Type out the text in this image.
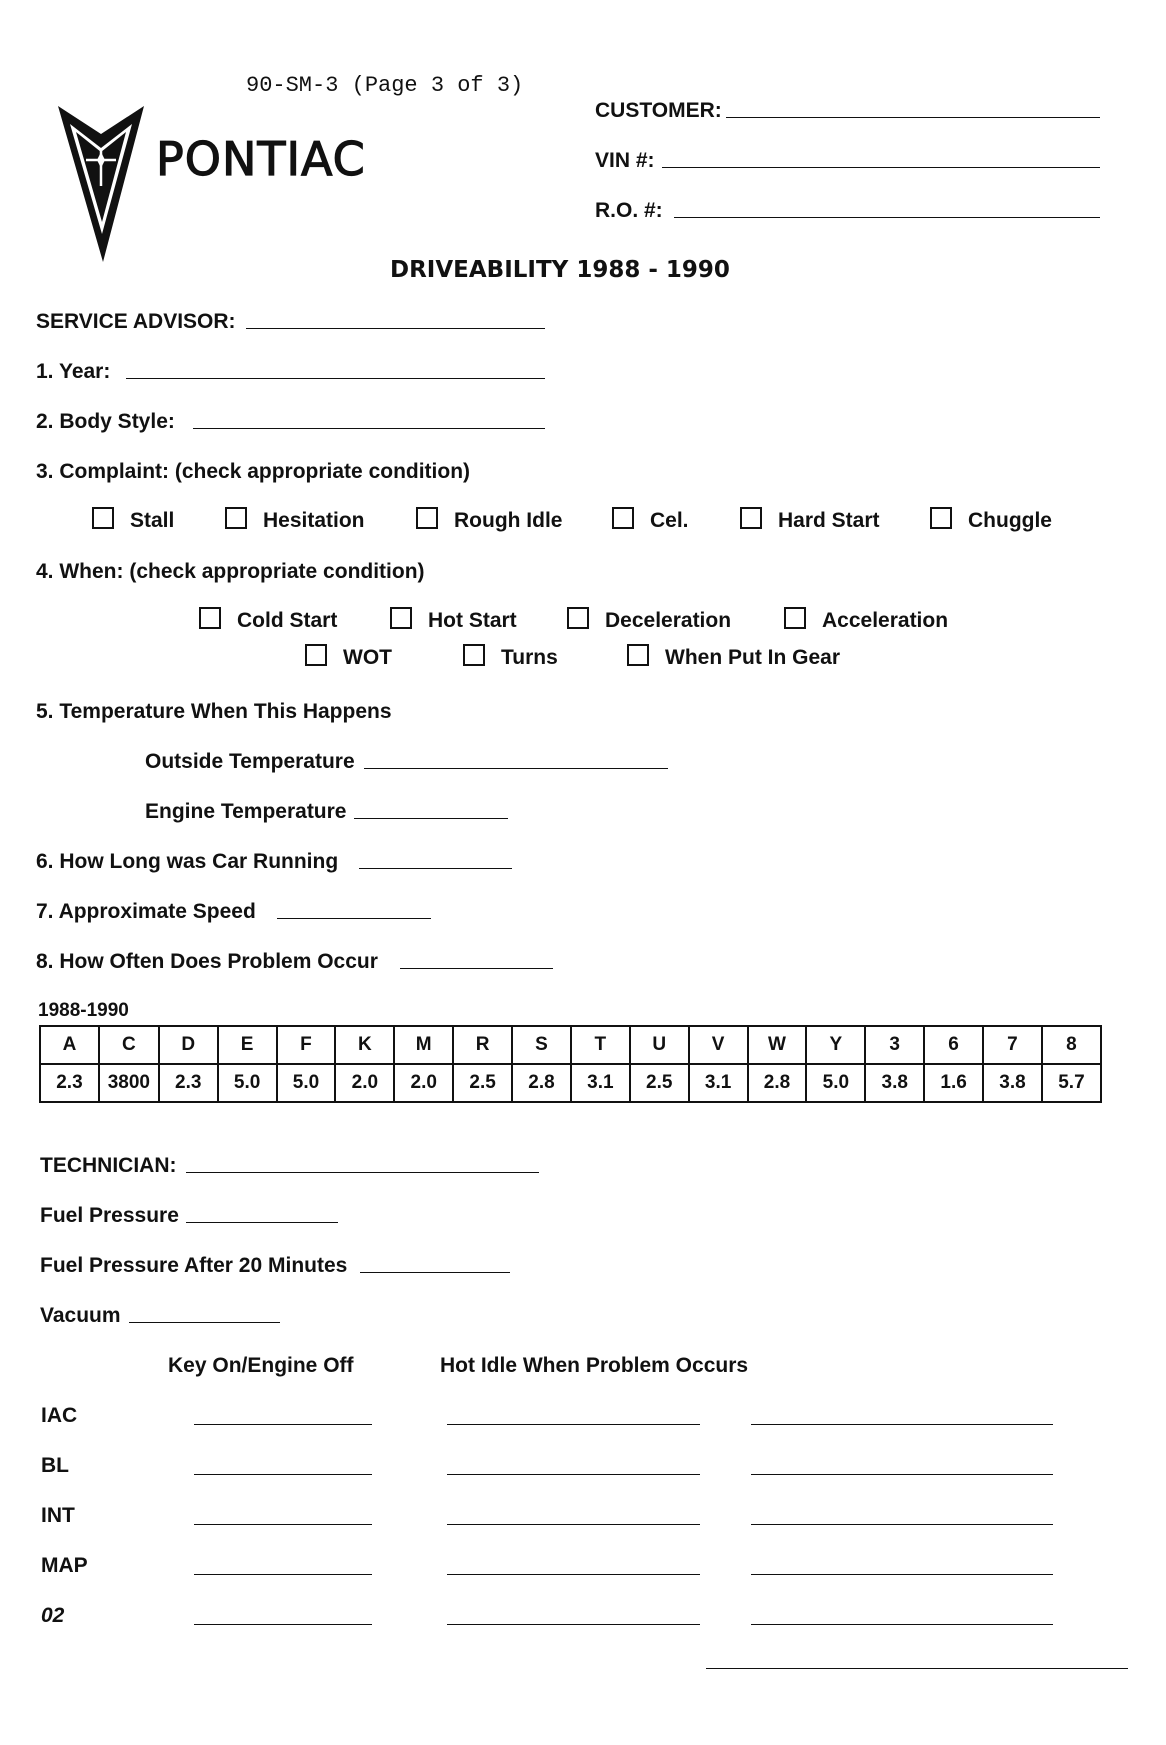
90-SM-3 (Page 3 of 3)
PONTIAC
CUSTOMER:
VIN #:
R.O. #:
DRIVEABILITY 1988 - 1990
SERVICE ADVISOR:
1. Year:
2. Body Style:
3. Complaint: (check appropriate condition)
Stall	Hesitation	Rough Idle	Cel.	Hard Start	Chuggle
4. When: (check appropriate condition)
Cold Start	Hot Start	Deceleration	Acceleration
WOT	Turns	When Put In Gear
5. Temperature When This Happens
Outside Temperature
Engine Temperature
6. How Long was Car Running
7. Approximate Speed
8. How Often Does Problem Occur
1988-1990
A	C	D	E	F	K	M	R	S	T	U	V	W	Y	3	6	7	8
2.3	3800	2.3	5.0	5.0	2.0	2.0	2.5	2.8	3.1	2.5	3.1	2.8	5.0	3.8	1.6	3.8	5.7
TECHNICIAN:
Fuel Pressure
Fuel Pressure After 20 Minutes
Vacuum
Key On/Engine Off	Hot Idle When Problem Occurs
IAC
BL
INT
MAP
02
